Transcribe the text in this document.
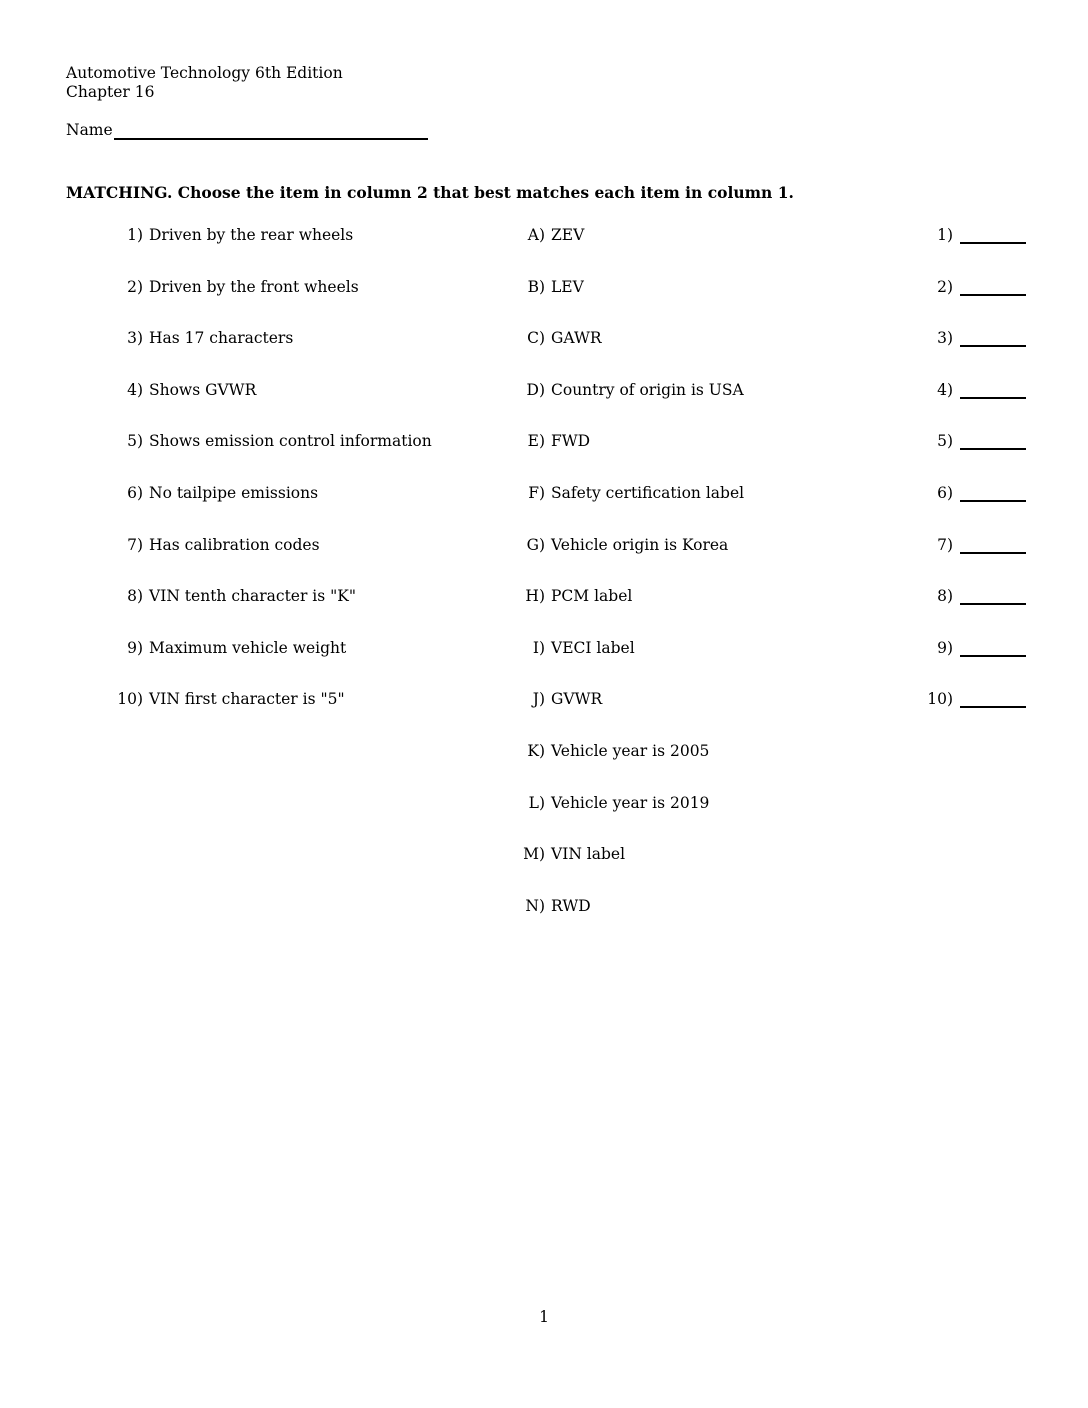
Automotive Technology 6th Edition
Chapter 16
Name
MATCHING. Choose the item in column 2 that best matches each item in column 1.
1) Driven by the rear wheels
2) Driven by the front wheels
3) Has 17 characters
4) Shows GVWR
5) Shows emission control information
6) No tailpipe emissions
7) Has calibration codes
8) VIN tenth character is "K"
9) Maximum vehicle weight
10) VIN first character is "5"
A) ZEV
B) LEV
C) GAWR
D) Country of origin is USA
E) FWD
F) Safety certification label
G) Vehicle origin is Korea
H) PCM label
I) VECI label
J) GVWR
K) Vehicle year is 2005
L) Vehicle year is 2019
M) VIN label
N) RWD
1)
2)
3)
4)
5)
6)
7)
8)
9)
10)
1
